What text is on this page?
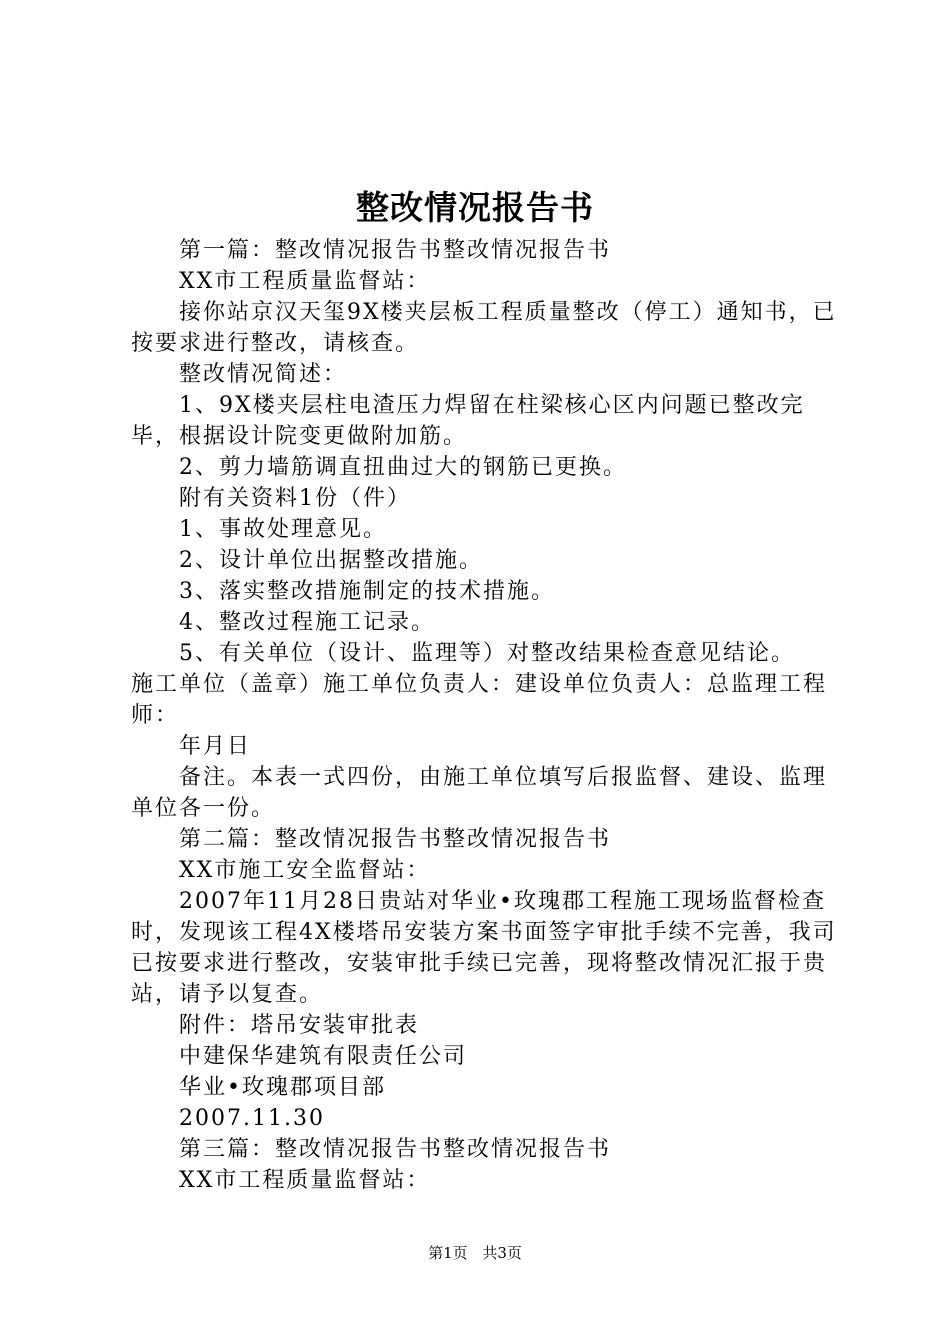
整改情况报告书

第一篇：整改情况报告书整改情况报告书

XX市工程质量监督站：

接你站京汉天玺9X楼夹层板工程质量整改（停工）通知书，已按要求进行整改，请核查。

整改情况简述：

1、9X楼夹层柱电渣压力焊留在柱梁核心区内问题已整改完毕，根据设计院变更做附加筋。

2、剪力墙筋调直扭曲过大的钢筋已更换。

附有关资料1份（件）

1、事故处理意见。

2、设计单位出据整改措施。

3、落实整改措施制定的技术措施。

4、整改过程施工记录。

5、有关单位（设计、监理等）对整改结果检查意见结论。

施工单位（盖章）施工单位负责人：建设单位负责人：总监理工程师：

年月日

备注。本表一式四份，由施工单位填写后报监督、建设、监理单位各一份。

第二篇：整改情况报告书整改情况报告书

XX市施工安全监督站：

2007年11月28日贵站对华业•玫瑰郡工程施工现场监督检查时，发现该工程4X楼塔吊安装方案书面签字审批手续不完善，我司已按要求进行整改，安装审批手续已完善，现将整改情况汇报于贵站，请予以复查。

附件：塔吊安装审批表

中建保华建筑有限责任公司

华业•玫瑰郡项目部

2007.11.30

第三篇：整改情况报告书整改情况报告书

XX市工程质量监督站：

第1页 共3页
